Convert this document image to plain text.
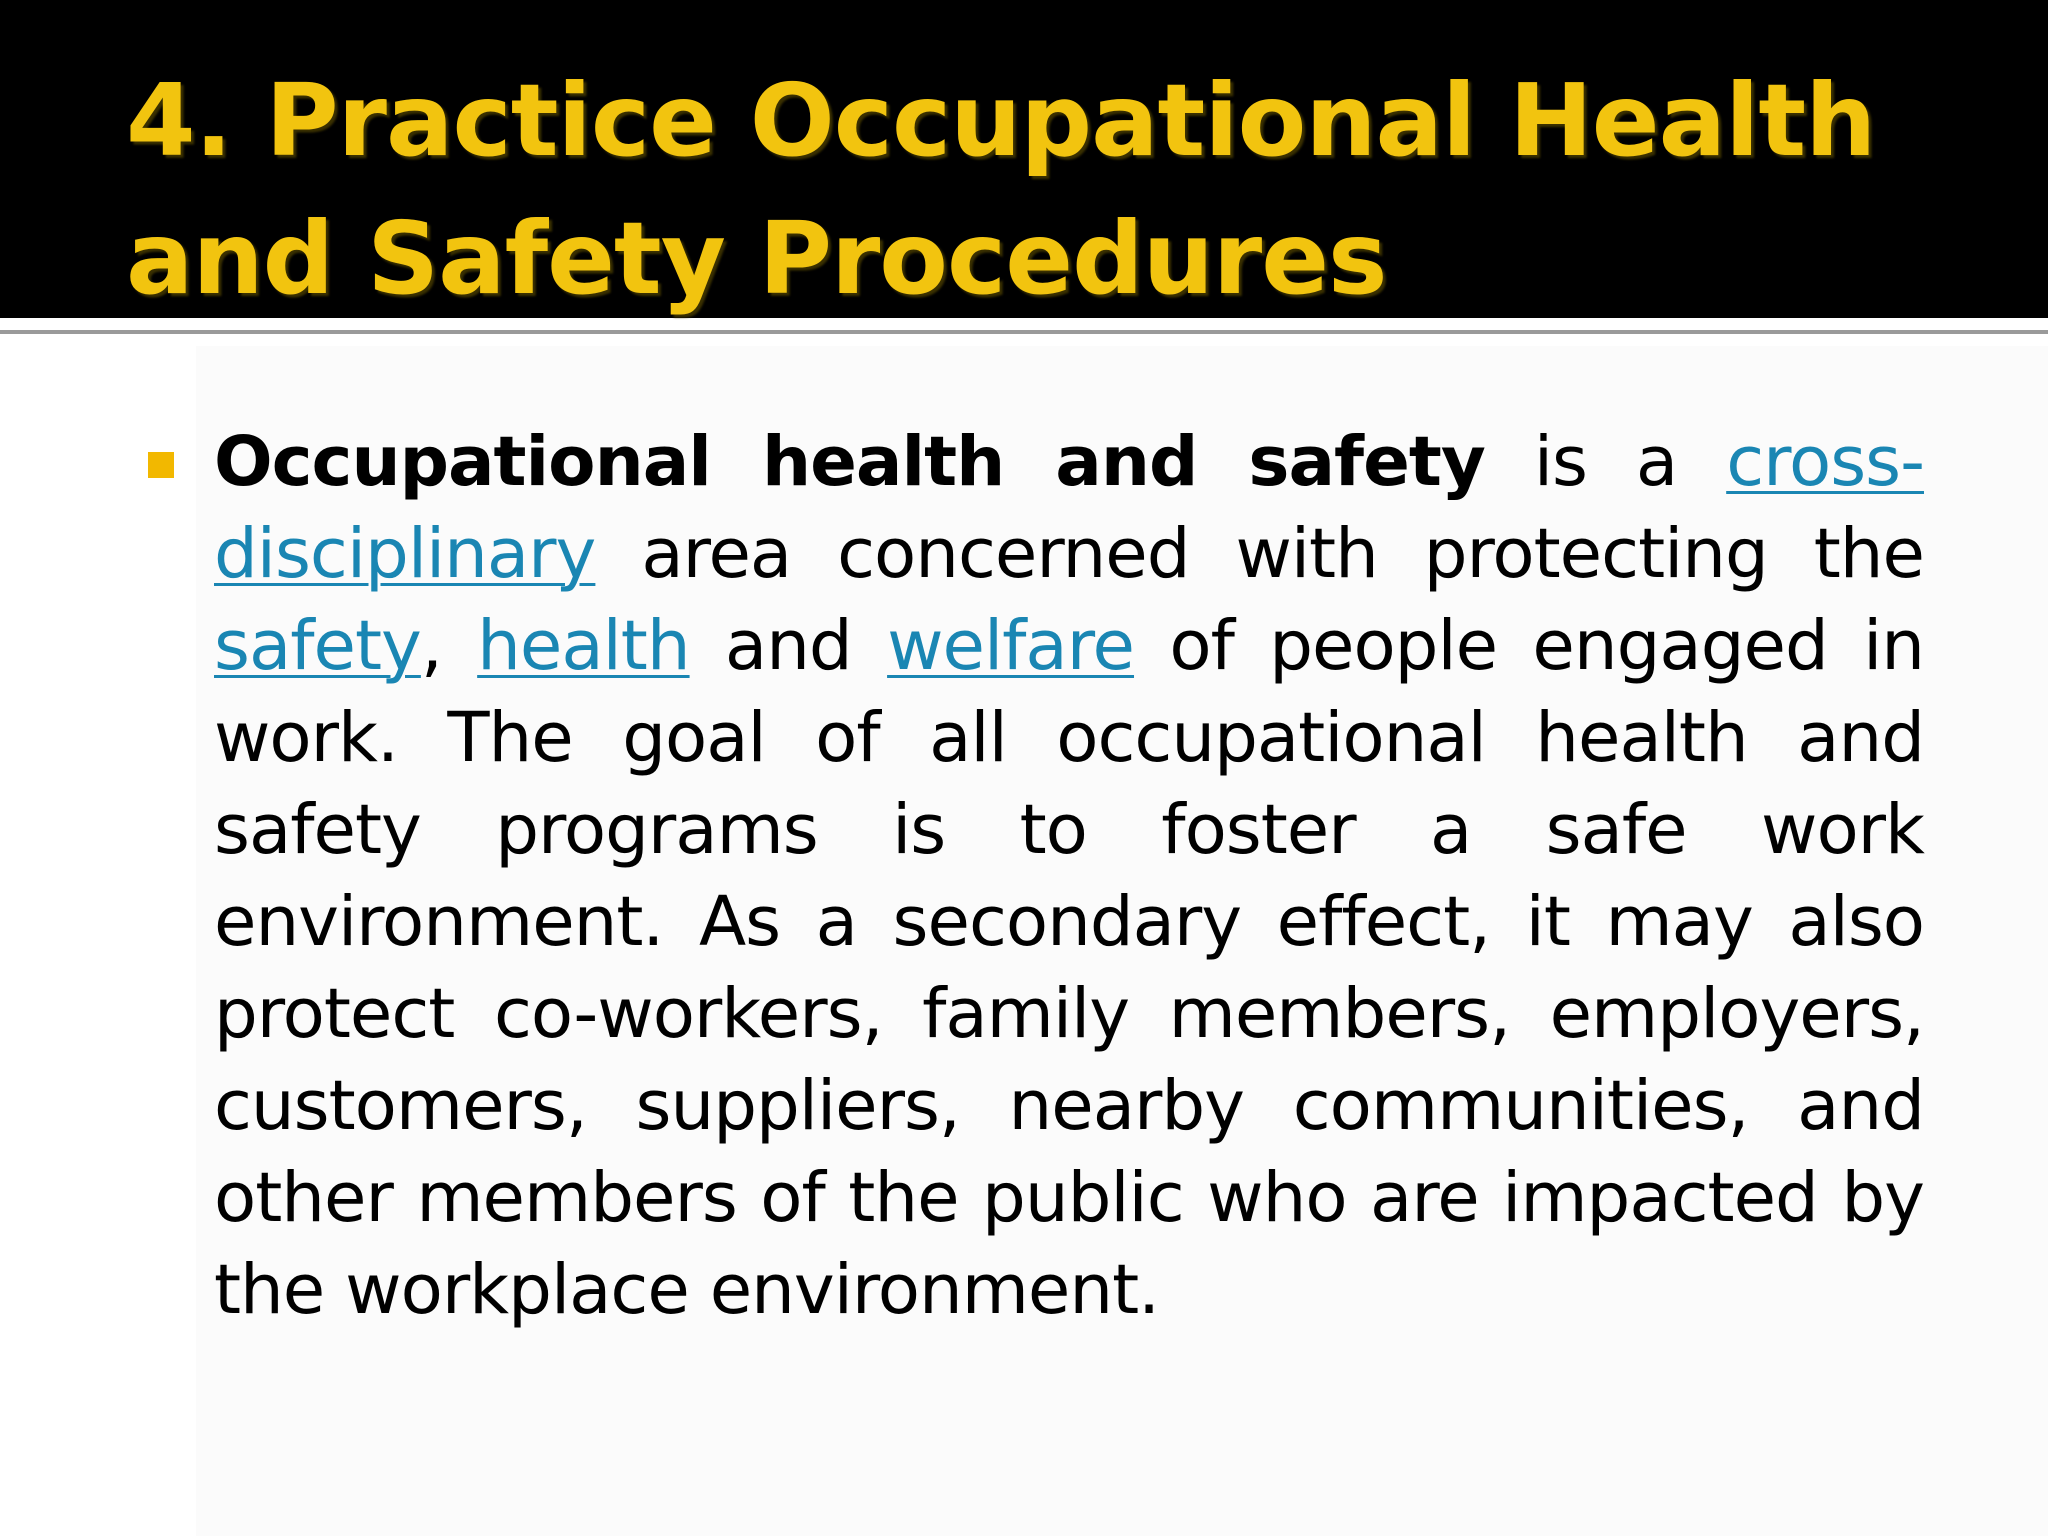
4. Practice Occupational Health and Safety Procedures

Occupational health and safety is a cross-disciplinary area concerned with protecting the safety, health and welfare of people engaged in work. The goal of all occupational health and safety programs is to foster a safe work environment. As a secondary effect, it may also protect co-workers, family members, employers, customers, suppliers, nearby communities, and other members of the public who are impacted by the workplace environment.
